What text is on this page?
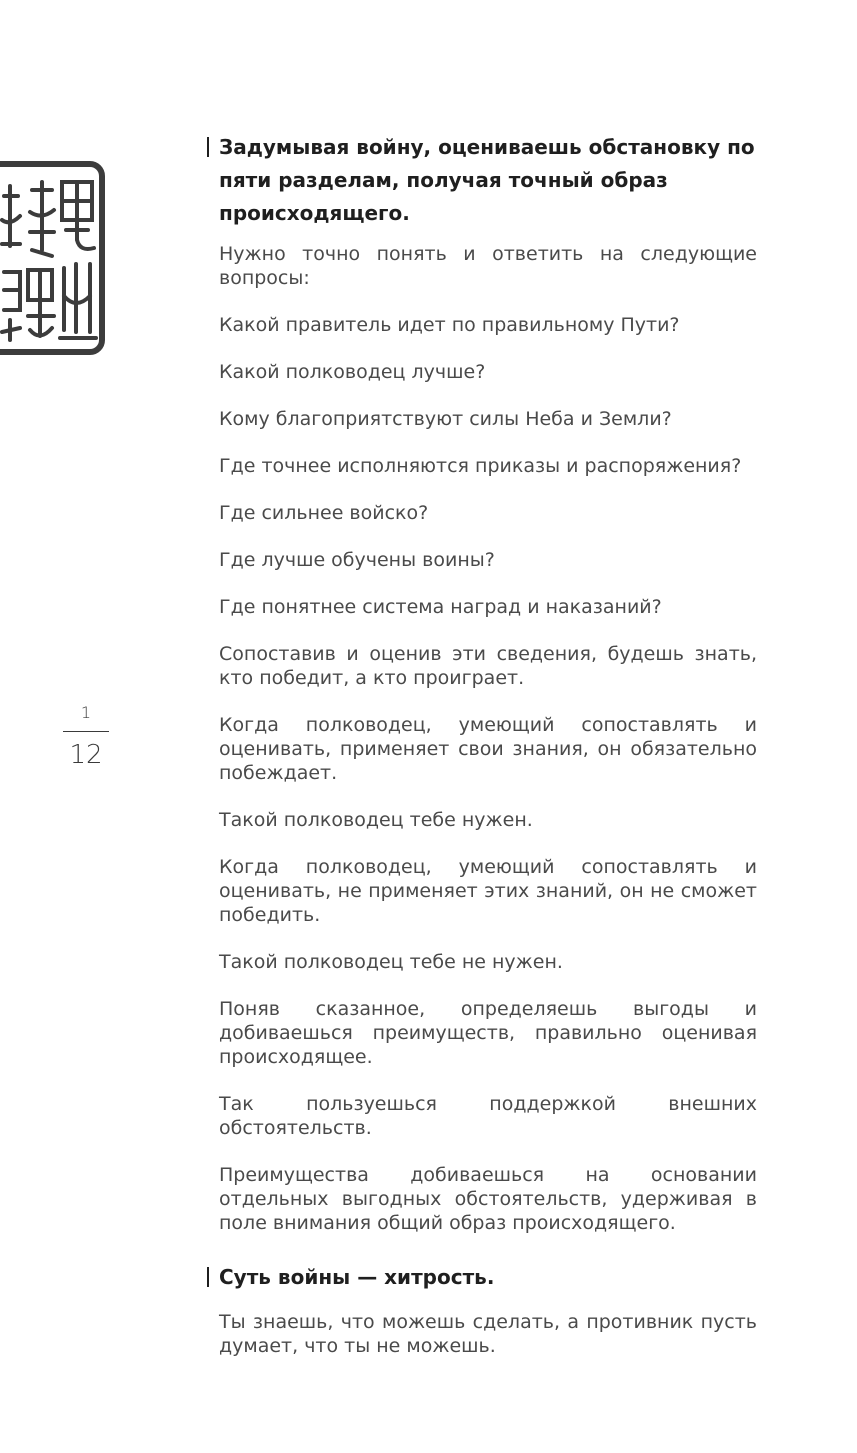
1
12
Задумывая войну, оцениваешь обстановку по пяти разделам, получая точный образ происходящего.

Нужно точно понять и ответить на следующие вопросы:

Какой правитель идет по правильному Пути?

Какой полководец лучше?

Кому благоприятствуют силы Неба и Земли?

Где точнее исполняются приказы и распоряжения?

Где сильнее войско?

Где лучше обучены воины?

Где понятнее система наград и наказаний?

Сопоставив и оценив эти сведения, будешь знать, кто победит, а кто проиграет.

Когда полководец, умеющий сопоставлять и оценивать, применяет свои знания, он обязательно побеждает.

Такой полководец тебе нужен.

Когда полководец, умеющий сопоставлять и оценивать, не применяет этих знаний, он не сможет победить.

Такой полководец тебе не нужен.

Поняв сказанное, определяешь выгоды и добиваешься преимуществ, правильно оценивая происходящее.

Так пользуешься поддержкой внешних обстоятельств.

Преимущества добиваешься на основании отдельных выгодных обстоятельств, удерживая в поле внимания общий образ происходящего.

Суть войны — хитрость.

Ты знаешь, что можешь сделать, а противник пусть думает, что ты не можешь.
